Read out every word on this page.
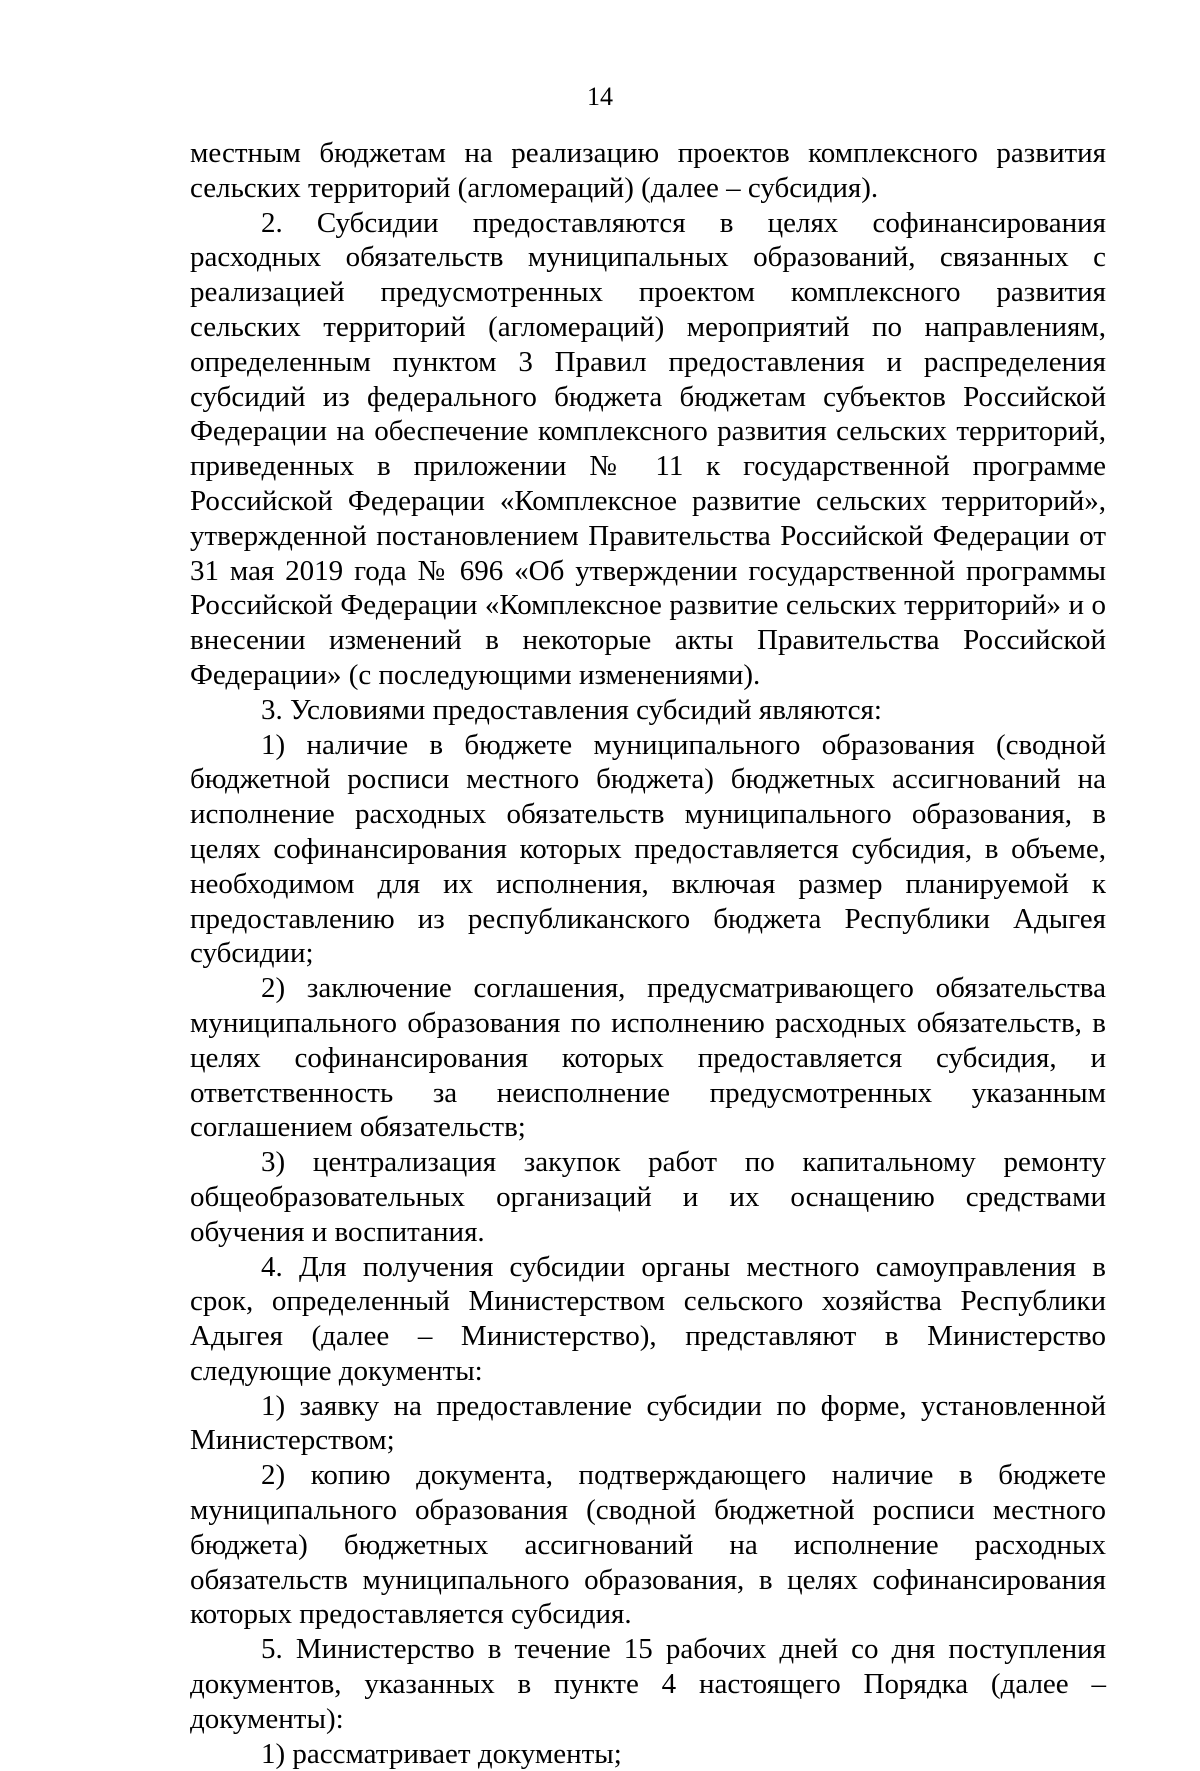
14

местным бюджетам на реализацию проектов комплексного развития сельских территорий (агломераций) (далее – субсидия).

2. Субсидии предоставляются в целях софинансирования расходных обязательств муниципальных образований, связанных с реализацией предусмотренных проектом комплексного развития сельских территорий (агломераций) мероприятий по направлениям, определенным пунктом 3 Правил предоставления и распределения субсидий из федерального бюджета бюджетам субъектов Российской Федерации на обеспечение комплексного развития сельских территорий, приведенных в приложении № 11 к государственной программе Российской Федерации «Комплексное развитие сельских территорий», утвержденной постановлением Правительства Российской Федерации от 31 мая 2019 года № 696 «Об утверждении государственной программы Российской Федерации «Комплексное развитие сельских территорий» и о внесении изменений в некоторые акты Правительства Российской Федерации» (с последующими изменениями).

3. Условиями предоставления субсидий являются:

1) наличие в бюджете муниципального образования (сводной бюджетной росписи местного бюджета) бюджетных ассигнований на исполнение расходных обязательств муниципального образования, в целях софинансирования которых предоставляется субсидия, в объеме, необходимом для их исполнения, включая размер планируемой к предоставлению из республиканского бюджета Республики Адыгея субсидии;

2) заключение соглашения, предусматривающего обязательства муниципального образования по исполнению расходных обязательств, в целях софинансирования которых предоставляется субсидия, и ответственность за неисполнение предусмотренных указанным соглашением обязательств;

3) централизация закупок работ по капитальному ремонту общеобразовательных организаций и их оснащению средствами обучения и воспитания.

4. Для получения субсидии органы местного самоуправления в срок, определенный Министерством сельского хозяйства Республики Адыгея (далее – Министерство), представляют в Министерство следующие документы:

1) заявку на предоставление субсидии по форме, установленной Министерством;

2) копию документа, подтверждающего наличие в бюджете муниципального образования (сводной бюджетной росписи местного бюджета) бюджетных ассигнований на исполнение расходных обязательств муниципального образования, в целях софинансирования которых предоставляется субсидия.

5. Министерство в течение 15 рабочих дней со дня поступления документов, указанных в пункте 4 настоящего Порядка (далее – документы):

1) рассматривает документы;
